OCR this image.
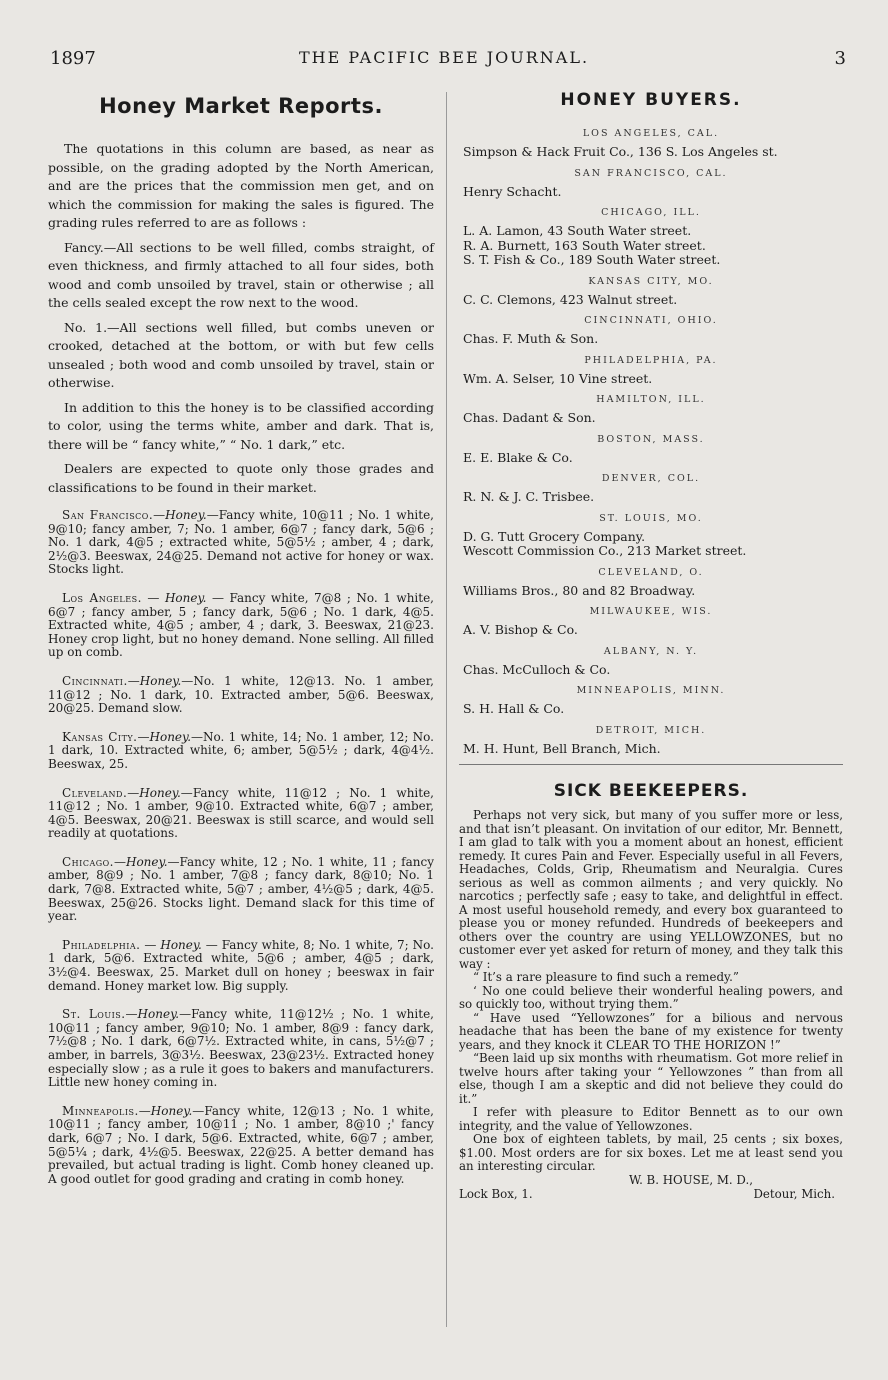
1897	THE PACIFIC BEE JOURNAL.	3
Honey Market Reports.

The quotations in this column are based, as near as possible, on the grading adopted by the North American, and are the prices that the commission men get, and on which the commission for making the sales is figured. The grading rules referred to are as follows :

Fancy.—All sections to be well filled, combs straight, of even thickness, and firmly attached to all four sides, both wood and comb unsoiled by travel, stain or otherwise ; all the cells sealed except the row next to the wood.

No. 1.—All sections well filled, but combs uneven or crooked, detached at the bottom, or with but few cells unsealed ; both wood and comb unsoiled by travel, stain or otherwise.

In addition to this the honey is to be classified according to color, using the terms white, amber and dark. That is, there will be “ fancy white,” “ No. 1 dark,” etc.

Dealers are expected to quote only those grades and classifications to be found in their market.

San Francisco.—Honey.—Fancy white, 10@11 ; No. 1 white, 9@10; fancy amber, 7; No. 1 amber, 6@7 ; fancy dark, 5@6 ; No. 1 dark, 4@5 ; extracted white, 5@5½ ; amber, 4 ; dark, 2½@3. Beeswax, 24@25. Demand not active for honey or wax. Stocks light.

Los Angeles. — Honey. — Fancy white, 7@8 ; No. 1 white, 6@7 ; fancy amber, 5 ; fancy dark, 5@6 ; No. 1 dark, 4@5. Extracted white, 4@5 ; amber, 4 ; dark, 3. Beeswax, 21@23. Honey crop light, but no honey demand. None selling. All filled up on comb.

Cincinnati.—Honey.—No. 1 white, 12@13. No. 1 amber, 11@12 ; No. 1 dark, 10. Extracted amber, 5@6. Beeswax, 20@25. Demand slow.

Kansas City.—Honey.—No. 1 white, 14; No. 1 amber, 12; No. 1 dark, 10. Extracted white, 6; amber, 5@5½ ; dark, 4@4½. Beeswax, 25.

Cleveland.—Honey.—Fancy white, 11@12 ; No. 1 white, 11@12 ; No. 1 amber, 9@10. Extracted white, 6@7 ; amber, 4@5. Beeswax, 20@21. Beeswax is still scarce, and would sell readily at quotations.

Chicago.—Honey.—Fancy white, 12 ; No. 1 white, 11 ; fancy amber, 8@9 ; No. 1 amber, 7@8 ; fancy dark, 8@10; No. 1 dark, 7@8. Extracted white, 5@7 ; amber, 4½@5 ; dark, 4@5. Beeswax, 25@26. Stocks light. Demand slack for this time of year.

Philadelphia. — Honey. — Fancy white, 8; No. 1 white, 7; No. 1 dark, 5@6. Extracted white, 5@6 ; amber, 4@5 ; dark, 3½@4. Beeswax, 25. Market dull on honey ; beeswax in fair demand. Honey market low. Big supply.

St. Louis.—Honey.—Fancy white, 11@12½ ; No. 1 white, 10@11 ; fancy amber, 9@10; No. 1 amber, 8@9 : fancy dark, 7½@8 ; No. 1 dark, 6@7½. Extracted white, in cans, 5½@7 ; amber, in barrels, 3@3½. Beeswax, 23@23½. Extracted honey especially slow ; as a rule it goes to bakers and manufacturers. Little new honey coming in.

Minneapolis.—Honey.—Fancy white, 12@13 ; No. 1 white, 10@11 ; fancy amber, 10@11 ; No. 1 amber, 8@10 ;' fancy dark, 6@7 ; No. I dark, 5@6. Extracted, white, 6@7 ; amber, 5@5¼ ; dark, 4½@5. Beeswax, 22@25. A better demand has prevailed, but actual trading is light. Comb honey cleaned up. A good outlet for good grading and crating in comb honey.

HONEY BUYERS.
LOS ANGELES, CAL.
Simpson & Hack Fruit Co., 136 S. Los Angeles st.
SAN FRANCISCO, CAL.
Henry Schacht.
CHICAGO, ILL.
L. A. Lamon, 43 South Water street.
R. A. Burnett, 163 South Water street.
S. T. Fish & Co., 189 South Water street.
KANSAS CITY, MO.
C. C. Clemons, 423 Walnut street.
CINCINNATI, OHIO.
Chas. F. Muth & Son.
PHILADELPHIA, PA.
Wm. A. Selser, 10 Vine street.
HAMILTON, ILL.
Chas. Dadant & Son.
BOSTON, MASS.
E. E. Blake & Co.
DENVER, COL.
R. N. & J. C. Trisbee.
ST. LOUIS, MO.
D. G. Tutt Grocery Company.
Wescott Commission Co., 213 Market street.
CLEVELAND, O.
Williams Bros., 80 and 82 Broadway.
MILWAUKEE, WIS.
A. V. Bishop & Co.
ALBANY, N. Y.
Chas. McCulloch & Co.
MINNEAPOLIS, MINN.
S. H. Hall & Co.
DETROIT, MICH.
M. H. Hunt, Bell Branch, Mich.
SICK BEEKEEPERS.

Perhaps not very sick, but many of you suffer more or less, and that isn’t pleasant. On invitation of our editor, Mr. Bennett, I am glad to talk with you a moment about an honest, efficient remedy. It cures Pain and Fever. Especially useful in all Fevers, Headaches, Colds, Grip, Rheumatism and Neuralgia. Cures serious as well as common ailments ; and very quickly. No narcotics ; perfectly safe ; easy to take, and delightful in effect. A most useful household remedy, and every box guaranteed to please you or money refunded. Hundreds of beekeepers and others over the country are using YELLOWZONES, but no customer ever yet asked for return of money, and they talk this way :

“ It’s a rare pleasure to find such a remedy.”

‘ No one could believe their wonderful healing powers, and so quickly too, without trying them.”

“ Have used “Yellowzones” for a bilious and nervous headache that has been the bane of my existence for twenty years, and they knock it CLEAR TO THE HORIZON !”

“Been laid up six months with rheumatism. Got more relief in twelve hours after taking your “ Yellowzones ” than from all else, though I am a skeptic and did not believe they could do it.”

I refer with pleasure to Editor Bennett as to our own integrity, and the value of Yellowzones.

One box of eighteen tablets, by mail, 25 cents ; six boxes, $1.00. Most orders are for six boxes. Let me at least send you an interesting circular.

W. B. HOUSE, M. D.,
Lock Box, 1.	Detour, Mich.
